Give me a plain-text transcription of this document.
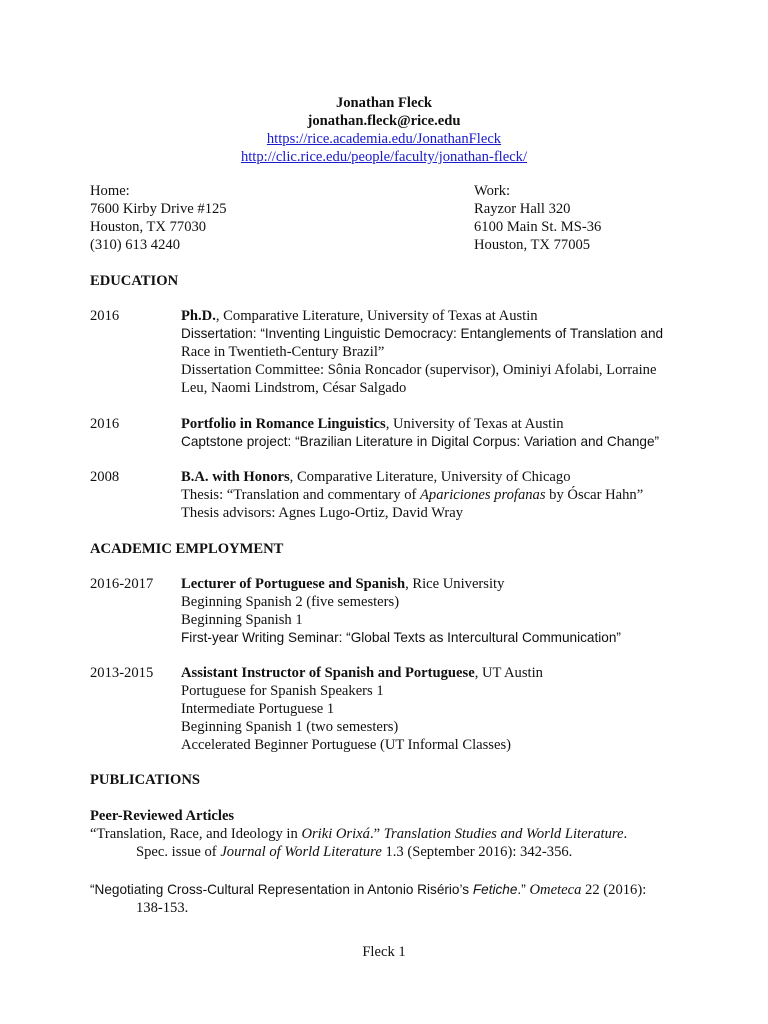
Jonathan Fleck
jonathan.fleck@rice.edu
https://rice.academia.edu/JonathanFleck
http://clic.rice.edu/people/faculty/jonathan-fleck/
Home:
7600 Kirby Drive #125
Houston, TX 77030
(310) 613 4240
Work:
Rayzor Hall 320
6100 Main St. MS-36
Houston, TX 77005
EDUCATION
2016	Ph.D., Comparative Literature, University of Texas at Austin
Dissertation: “Inventing Linguistic Democracy: Entanglements of Translation and
Race in Twentieth-Century Brazil”
Dissertation Committee: Sônia Roncador (supervisor), Ominiyi Afolabi, Lorraine
Leu, Naomi Lindstrom, César Salgado
2016	Portfolio in Romance Linguistics, University of Texas at Austin
Captstone project: “Brazilian Literature in Digital Corpus: Variation and Change”
2008	B.A. with Honors, Comparative Literature, University of Chicago
Thesis: “Translation and commentary of Apariciones profanas by Óscar Hahn”
Thesis advisors: Agnes Lugo-Ortiz, David Wray
ACADEMIC EMPLOYMENT
2016-2017	Lecturer of Portuguese and Spanish, Rice University
Beginning Spanish 2 (five semesters)
Beginning Spanish 1
First-year Writing Seminar: “Global Texts as Intercultural Communication”
2013-2015	Assistant Instructor of Spanish and Portuguese, UT Austin
Portuguese for Spanish Speakers 1
Intermediate Portuguese 1
Beginning Spanish 1 (two semesters)
Accelerated Beginner Portuguese (UT Informal Classes)
PUBLICATIONS
Peer-Reviewed Articles
“Translation, Race, and Ideology in Oriki Orixá.” Translation Studies and World Literature.
Spec. issue of Journal of World Literature 1.3 (September 2016): 342-356.
“Negotiating Cross-Cultural Representation in Antonio Risério’s Fetiche.” Ometeca 22 (2016):
138-153.
Fleck 1
